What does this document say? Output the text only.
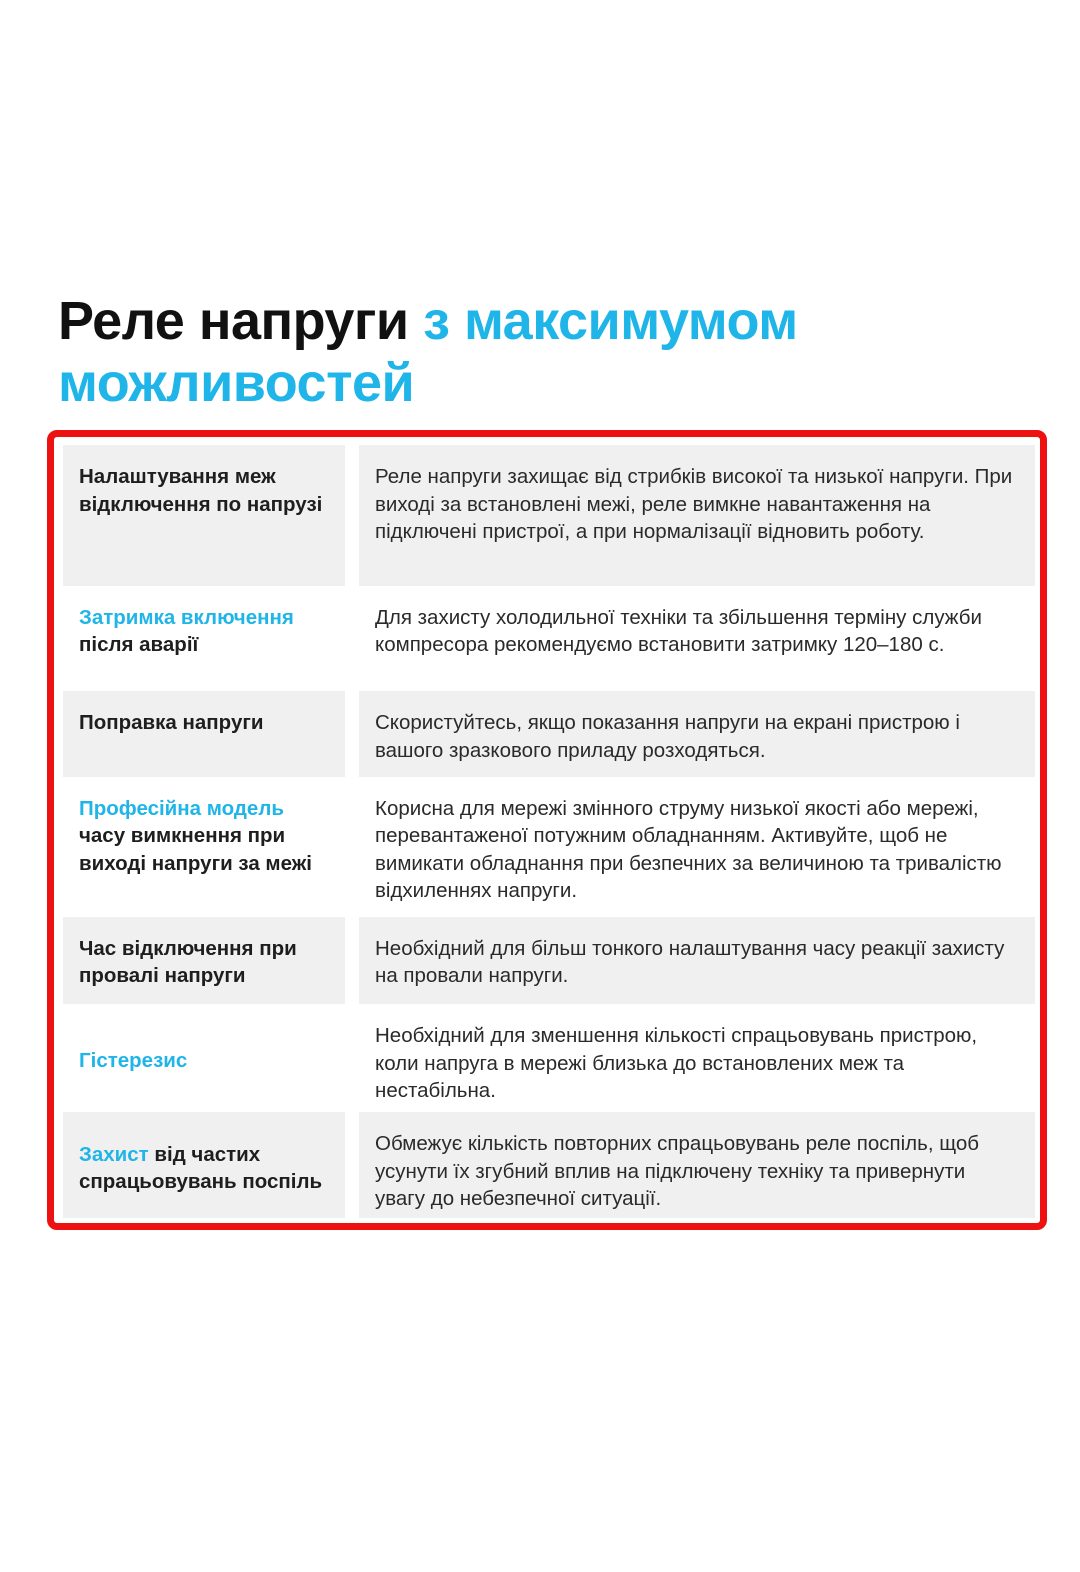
Реле напруги з максимумом можливостей
Налаштування меж відключення по напрузі
Реле напруги захищає від стрибків високої та низької напруги. При виході за встановлені межі, реле вимкне навантаження на підключені пристрої, а при нормалізації відновить роботу.
Затримка включення після аварії
Для захисту холодильної техніки та збільшення терміну служби компресора рекомендуємо встановити затримку 120–180 с.
Поправка напруги	Скористуйтесь, якщо показання напруги на екрані пристрою і вашого зразкового приладу розходяться.
Професійна модель часу вимкнення при виході напруги за межі
Корисна для мережі змінного струму низької якості або мережі, перевантаженої потужним обладнанням. Активуйте, щоб не вимикати обладнання при безпечних за величиною та тривалістю відхиленнях напруги.
Час відключення при провалі напруги
Необхідний для більш тонкого налаштування часу реакції захисту на провали напруги.
Гістерезис
Необхідний для зменшення кількості спрацьовувань пристрою, коли напруга в мережі близька до встановлених меж та нестабільна.
Захист від частих спрацьовувань поспіль
Обмежує кількість повторних спрацьовувань реле поспіль, щоб усунути їх згубний вплив на підключену техніку та привернути увагу до небезпечної ситуації.
